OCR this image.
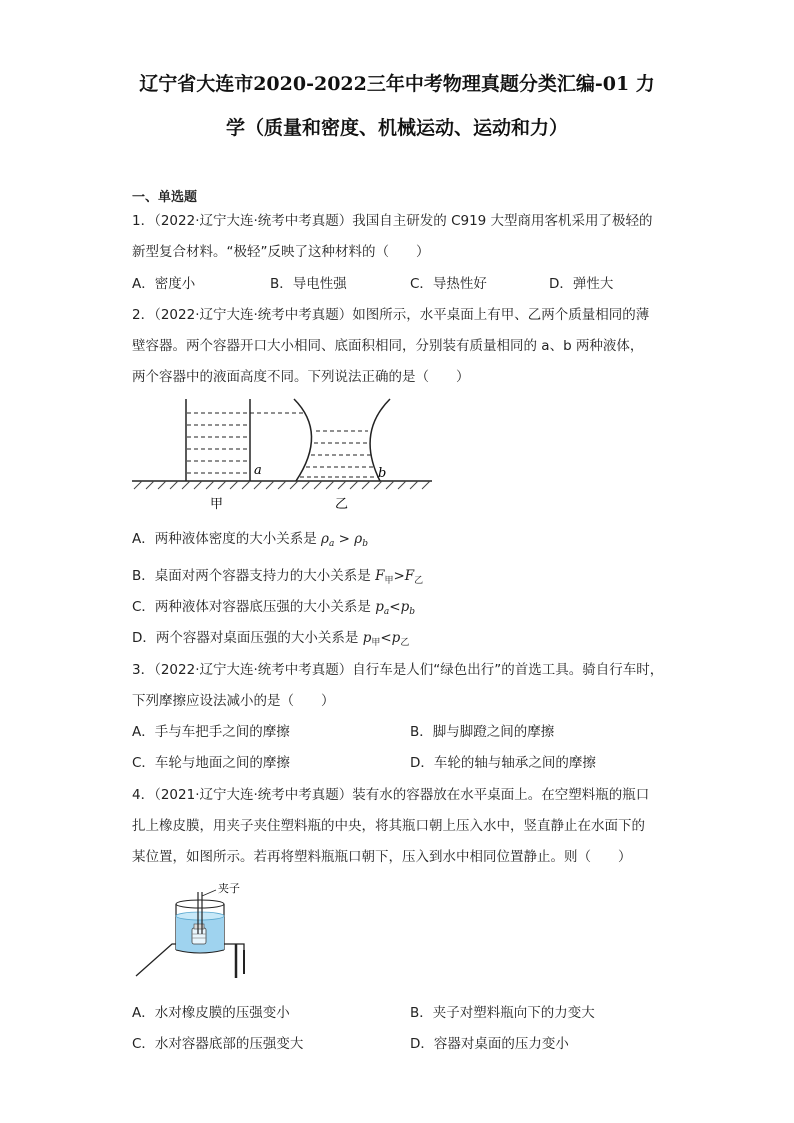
辽宁省大连市2020-2022三年中考物理真题分类汇编-01 力
学（质量和密度、机械运动、运动和力）
一、单选题
1．（2022·辽宁大连·统考中考真题）我国自主研发的 C919 大型商用客机采用了极轻的
新型复合材料。“极轻”反映了这种材料的（　　）
A．密度小	B．导电性强	C．导热性好	D．弹性大
2．（2022·辽宁大连·统考中考真题）如图所示，水平桌面上有甲、乙两个质量相同的薄
壁容器。两个容器开口大小相同、底面积相同，分别装有质量相同的 a、b 两种液体，
两个容器中的液面高度不同。下列说法正确的是（　　）
a	b
甲	乙
A．两种液体密度的大小关系是 $\rho_a > \rho_b$
B．桌面对两个容器支持力的大小关系是 $F_甲>F_乙$
C．两种液体对容器底压强的大小关系是 $p_a<p_b$
D．两个容器对桌面压强的大小关系是 $p_甲<p_乙$
3．（2022·辽宁大连·统考中考真题）自行车是人们“绿色出行”的首选工具。骑自行车时，
下列摩擦应设法减小的是（　　）
A．手与车把手之间的摩擦	B．脚与脚蹬之间的摩擦
C．车轮与地面之间的摩擦	D．车轮的轴与轴承之间的摩擦
4．（2021·辽宁大连·统考中考真题）装有水的容器放在水平桌面上。在空塑料瓶的瓶口
扎上橡皮膜，用夹子夹住塑料瓶的中央，将其瓶口朝上压入水中，竖直静止在水面下的
某位置，如图所示。若再将塑料瓶瓶口朝下，压入到水中相同位置静止。则（　　）
夹子
A．水对橡皮膜的压强变小	B．夹子对塑料瓶向下的力变大
C．水对容器底部的压强变大	D．容器对桌面的压力变小
